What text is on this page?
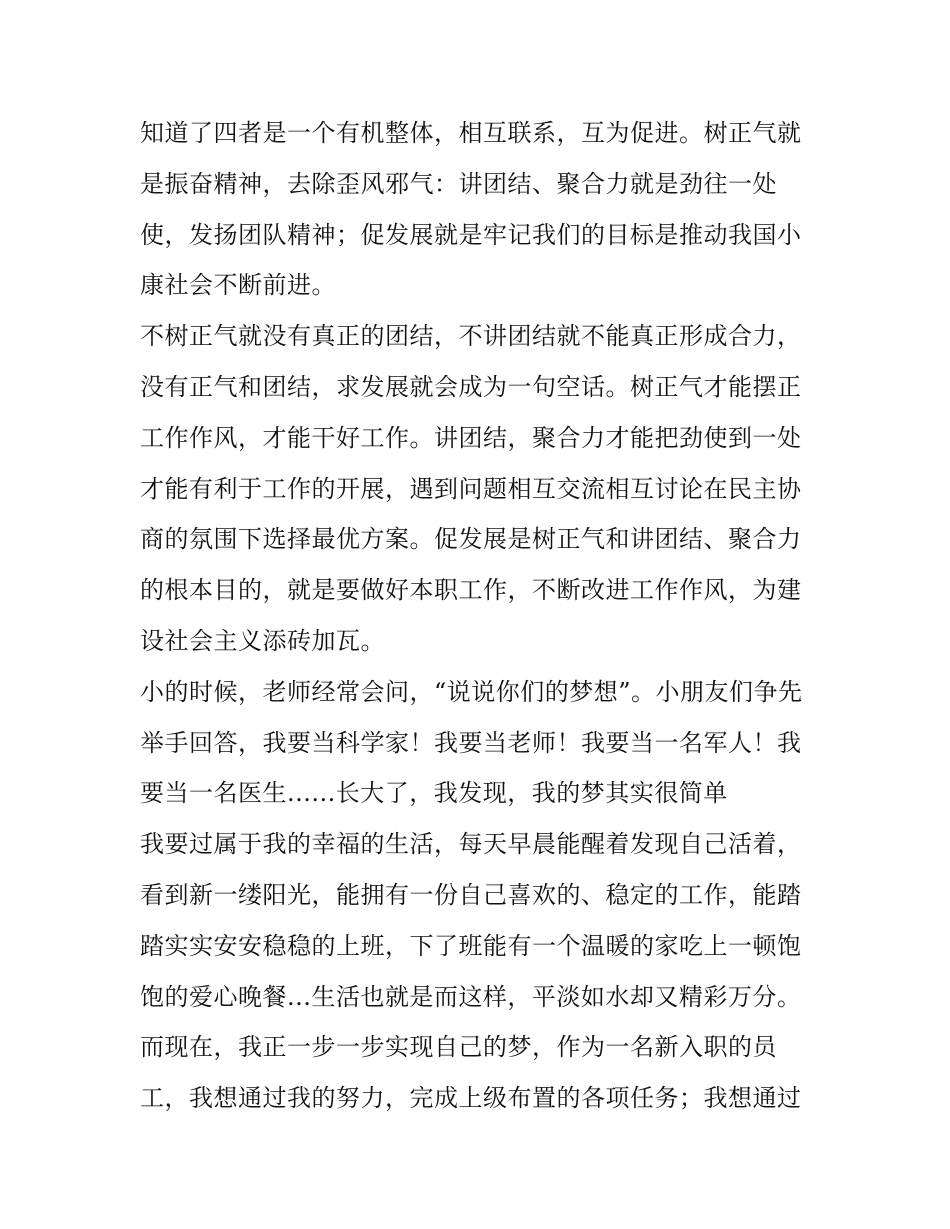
知道了四者是一个有机整体，相互联系，互为促进。树正气就
是振奋精神，去除歪风邪气：讲团结、聚合力就是劲往一处
使，发扬团队精神；促发展就是牢记我们的目标是推动我国小
康社会不断前进。
不树正气就没有真正的团结，不讲团结就不能真正形成合力，
没有正气和团结，求发展就会成为一句空话。树正气才能摆正
工作作风，才能干好工作。讲团结，聚合力才能把劲使到一处
才能有利于工作的开展，遇到问题相互交流相互讨论在民主协
商的氛围下选择最优方案。促发展是树正气和讲团结、聚合力
的根本目的，就是要做好本职工作，不断改进工作作风，为建
设社会主义添砖加瓦。
小的时候，老师经常会问，“说说你们的梦想”。小朋友们争先
举手回答，我要当科学家！我要当老师！我要当一名军人！我
要当一名医生......长大了，我发现，我的梦其实很简单
我要过属于我的幸福的生活，每天早晨能醒着发现自己活着，
看到新一缕阳光，能拥有一份自己喜欢的、稳定的工作，能踏
踏实实安安稳稳的上班，下了班能有一个温暖的家吃上一顿饱
饱的爱心晚餐...生活也就是而这样，平淡如水却又精彩万分。
而现在，我正一步一步实现自己的梦，作为一名新入职的员
工，我想通过我的努力，完成上级布置的各项任务；我想通过
